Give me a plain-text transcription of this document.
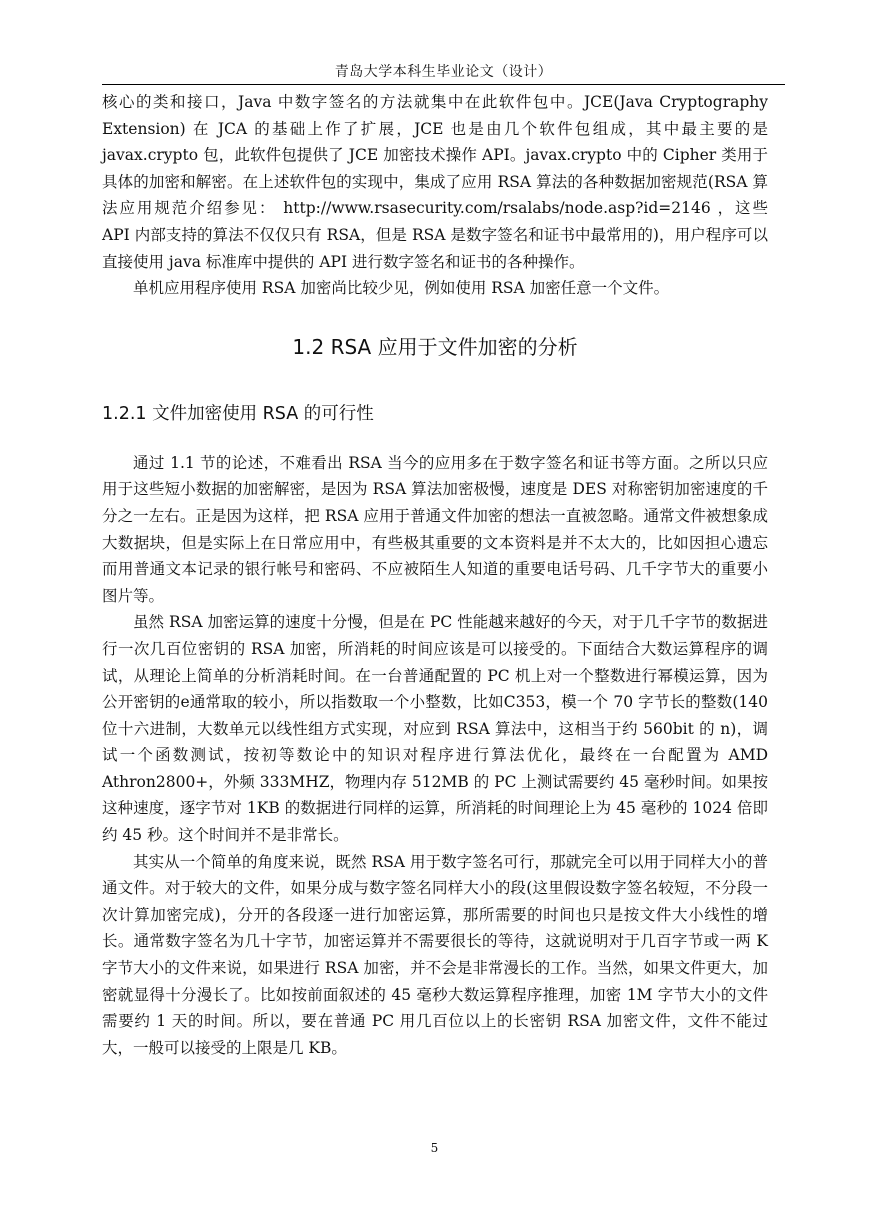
青岛大学本科生毕业论文（设计）

核心的类和接口，Java 中数字签名的方法就集中在此软件包中。JCE(Java Cryptography Extension) 在 JCA 的基础上作了扩展，JCE 也是由几个软件包组成，其中最主要的是 javax.crypto 包，此软件包提供了 JCE 加密技术操作 API。javax.crypto 中的 Cipher 类用于具体的加密和解密。在上述软件包的实现中，集成了应用 RSA 算法的各种数据加密规范(RSA 算法应用规范介绍参见： http://www.rsasecurity.com/rsalabs/node.asp?id=2146 ，这些 API 内部支持的算法不仅仅只有 RSA，但是 RSA 是数字签名和证书中最常用的)，用户程序可以直接使用 java 标准库中提供的 API 进行数字签名和证书的各种操作。

单机应用程序使用 RSA 加密尚比较少见，例如使用 RSA 加密任意一个文件。

1.2 RSA 应用于文件加密的分析
1.2.1 文件加密使用 RSA 的可行性

通过 1.1 节的论述，不难看出 RSA 当今的应用多在于数字签名和证书等方面。之所以只应用于这些短小数据的加密解密，是因为 RSA 算法加密极慢，速度是 DES 对称密钥加密速度的千分之一左右。正是因为这样，把 RSA 应用于普通文件加密的想法一直被忽略。通常文件被想象成大数据块，但是实际上在日常应用中，有些极其重要的文本资料是并不太大的，比如因担心遗忘而用普通文本记录的银行帐号和密码、不应被陌生人知道的重要电话号码、几千字节大的重要小图片等。

虽然 RSA 加密运算的速度十分慢，但是在 PC 性能越来越好的今天，对于几千字节的数据进行一次几百位密钥的 RSA 加密，所消耗的时间应该是可以接受的。下面结合大数运算程序的调试，从理论上简单的分析消耗时间。在一台普通配置的 PC 机上对一个整数进行幂模运算，因为公开密钥的e通常取的较小，所以指数取一个小整数，比如C353，模一个 70 字节长的整数(140 位十六进制，大数单元以线性组方式实现，对应到 RSA 算法中，这相当于约 560bit 的 n)，调试一个函数测试，按初等数论中的知识对程序进行算法优化，最终在一台配置为 AMD Athron2800+，外频 333MHZ，物理内存 512MB 的 PC 上测试需要约 45 毫秒时间。如果按这种速度，逐字节对 1KB 的数据进行同样的运算，所消耗的时间理论上为 45 毫秒的 1024 倍即约 45 秒。这个时间并不是非常长。

其实从一个简单的角度来说，既然 RSA 用于数字签名可行，那就完全可以用于同样大小的普通文件。对于较大的文件，如果分成与数字签名同样大小的段(这里假设数字签名较短，不分段一次计算加密完成)，分开的各段逐一进行加密运算，那所需要的时间也只是按文件大小线性的增长。通常数字签名为几十字节，加密运算并不需要很长的等待，这就说明对于几百字节或一两 K 字节大小的文件来说，如果进行 RSA 加密，并不会是非常漫长的工作。当然，如果文件更大，加密就显得十分漫长了。比如按前面叙述的 45 毫秒大数运算程序推理，加密 1M 字节大小的文件需要约 1 天的时间。所以，要在普通 PC 用几百位以上的长密钥 RSA 加密文件，文件不能过大，一般可以接受的上限是几 KB。

5
